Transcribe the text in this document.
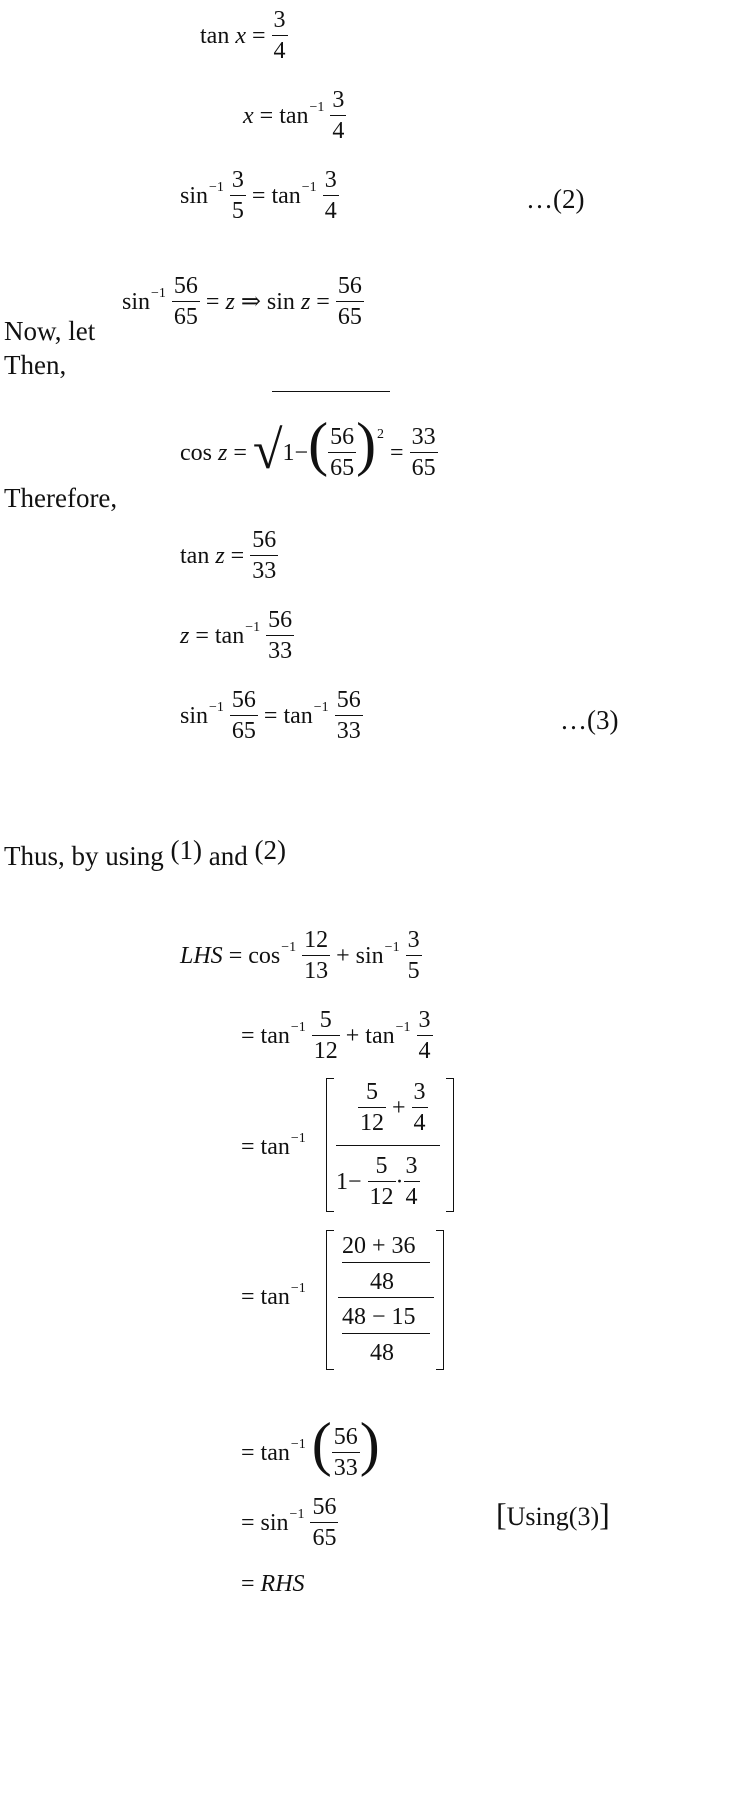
$\tan x = \frac{3}{4}$
$x = \tan^{-1} \frac{3}{4}$
$\sin^{-1} \frac{3}{5} = \tan^{-1} \frac{3}{4}$	…(2)
Now, let
$\sin^{-1} \frac{56}{65} = z$ ⇒ $\sin z = \frac{56}{65}$
Then,
$\cos z = √1-( \frac{56}{65} )^2 = \frac{33}{65}$
Therefore,
$\tan z = \frac{56}{33}$
$z = \tan^{-1} \frac{56}{33}$
$\sin^{-1} \frac{56}{65} = \tan^{-1} \frac{56}{33}$	…(3)
Thus, by using (1) and (2)
LHS = $\cos^{-1} \frac{12}{13} + \sin^{-1} \frac{3}{5}$
= $\tan^{-1} \frac{5}{12} + \tan^{-1} \frac{3}{4}$
= $\tan^{-1}$
$\frac{5}{12} + \frac{3}{4}$
$1- \frac{5}{12} \cdot \frac{3}{4}$
= $\tan^{-1}$
20 + 36
48
48 − 15
48
= $\tan^{-1}$ ( $\frac{56}{33}$ )
= $\sin^{-1} \frac{56}{65}$	[Using(3)]
= RHS
